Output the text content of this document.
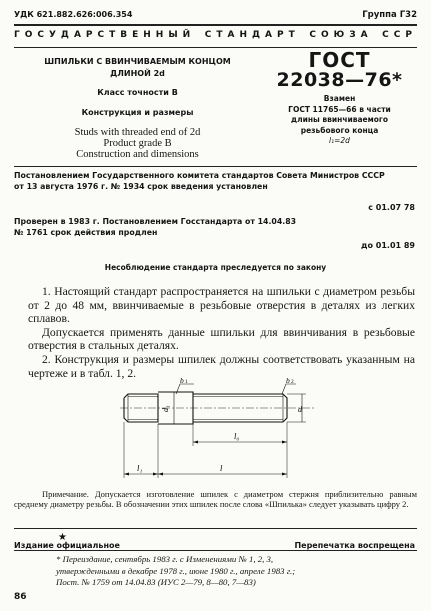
УДК 621.882.626:006.354	Группа Г32
ГОСУДАРСТВЕННЫЙ СТАНДАРТ СОЮЗА ССР
ШПИЛЬКИ С ВВИНЧИВАЕМЫМ КОНЦОМ
ДЛИНОЙ 2d
Класс точности В
Конструкция и размеры
Studs with threaded end of 2d
Product grade B
Construction and dimensions
ГОСТ
22038—76*
Взамен
ГОСТ 11765—66 в части
длины ввинчиваемого
резьбового конца
l₁=2d
Постановлением Государственного комитета стандартов Совета Министров СССР
от 13 августа 1976 г. № 1934 срок введения установлен
с 01.07 78
Проверен в 1983 г. Постановлением Госстандарта от 14.04.83
№ 1761 срок действия продлен
до 01.01 89
Несоблюдение стандарта преследуется по закону

1. Настоящий стандарт распространяется на шпильки с диаметром резьбы от 2 до 48 мм, ввинчиваемые в резьбовые отверстия в деталях из легких сплавов.

Допускается применять данные шпильки для ввинчивания в резьбовые отверстия в стальных деталях.

2. Конструкция и размеры шпилек должны соответствовать указанным на чертеже и в табл. 1, 2.

d₁	d
b 1	b 2
l₀
l₁	l

Примечание. Допускается изготовление шпилек с диаметром стержня приблизительно равным среднему диаметру резьбы. В обозначении этих шпилек после слова «Шпилька» следует указывать цифру 2.

★
Издание официальное	Перепечатка воспрещена
* Переиздание, сентябрь 1983 г. с Изменениями № 1, 2, 3,
утвержденными в декабре 1978 г., июне 1980 г., апреле 1983 г.;
Пост. № 1759 от 14.04.83 (ИУС 2—79, 8—80, 7—83)
86
